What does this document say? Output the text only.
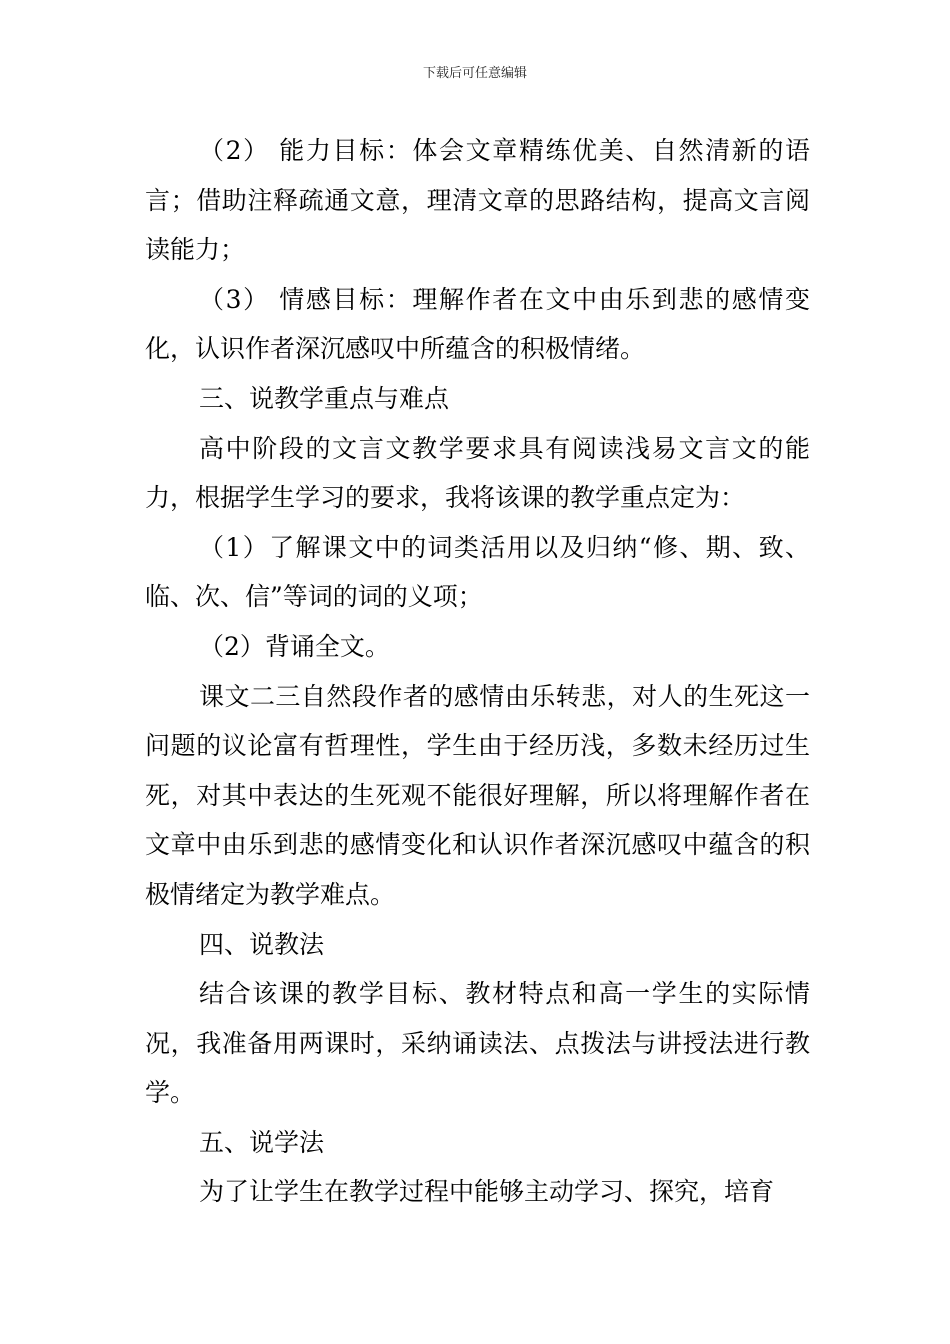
下载后可任意编辑

（2） 能力目标：体会文章精练优美、自然清新的语言；借助注释疏通文意，理清文章的思路结构，提高文言阅读能力；

（3） 情感目标：理解作者在文中由乐到悲的感情变化，认识作者深沉感叹中所蕴含的积极情绪。

三、说教学重点与难点

高中阶段的文言文教学要求具有阅读浅易文言文的能力，根据学生学习的要求，我将该课的教学重点定为：

（1）了解课文中的词类活用以及归纳“修、期、致、临、次、信”等词的词的义项；

（2）背诵全文。

课文二三自然段作者的感情由乐转悲，对人的生死这一问题的议论富有哲理性，学生由于经历浅，多数未经历过生死，对其中表达的生死观不能很好理解，所以将理解作者在文章中由乐到悲的感情变化和认识作者深沉感叹中蕴含的积极情绪定为教学难点。

四、说教法

结合该课的教学目标、教材特点和高一学生的实际情况，我准备用两课时，采纳诵读法、点拨法与讲授法进行教学。

五、说学法

为了让学生在教学过程中能够主动学习、探究，培育
